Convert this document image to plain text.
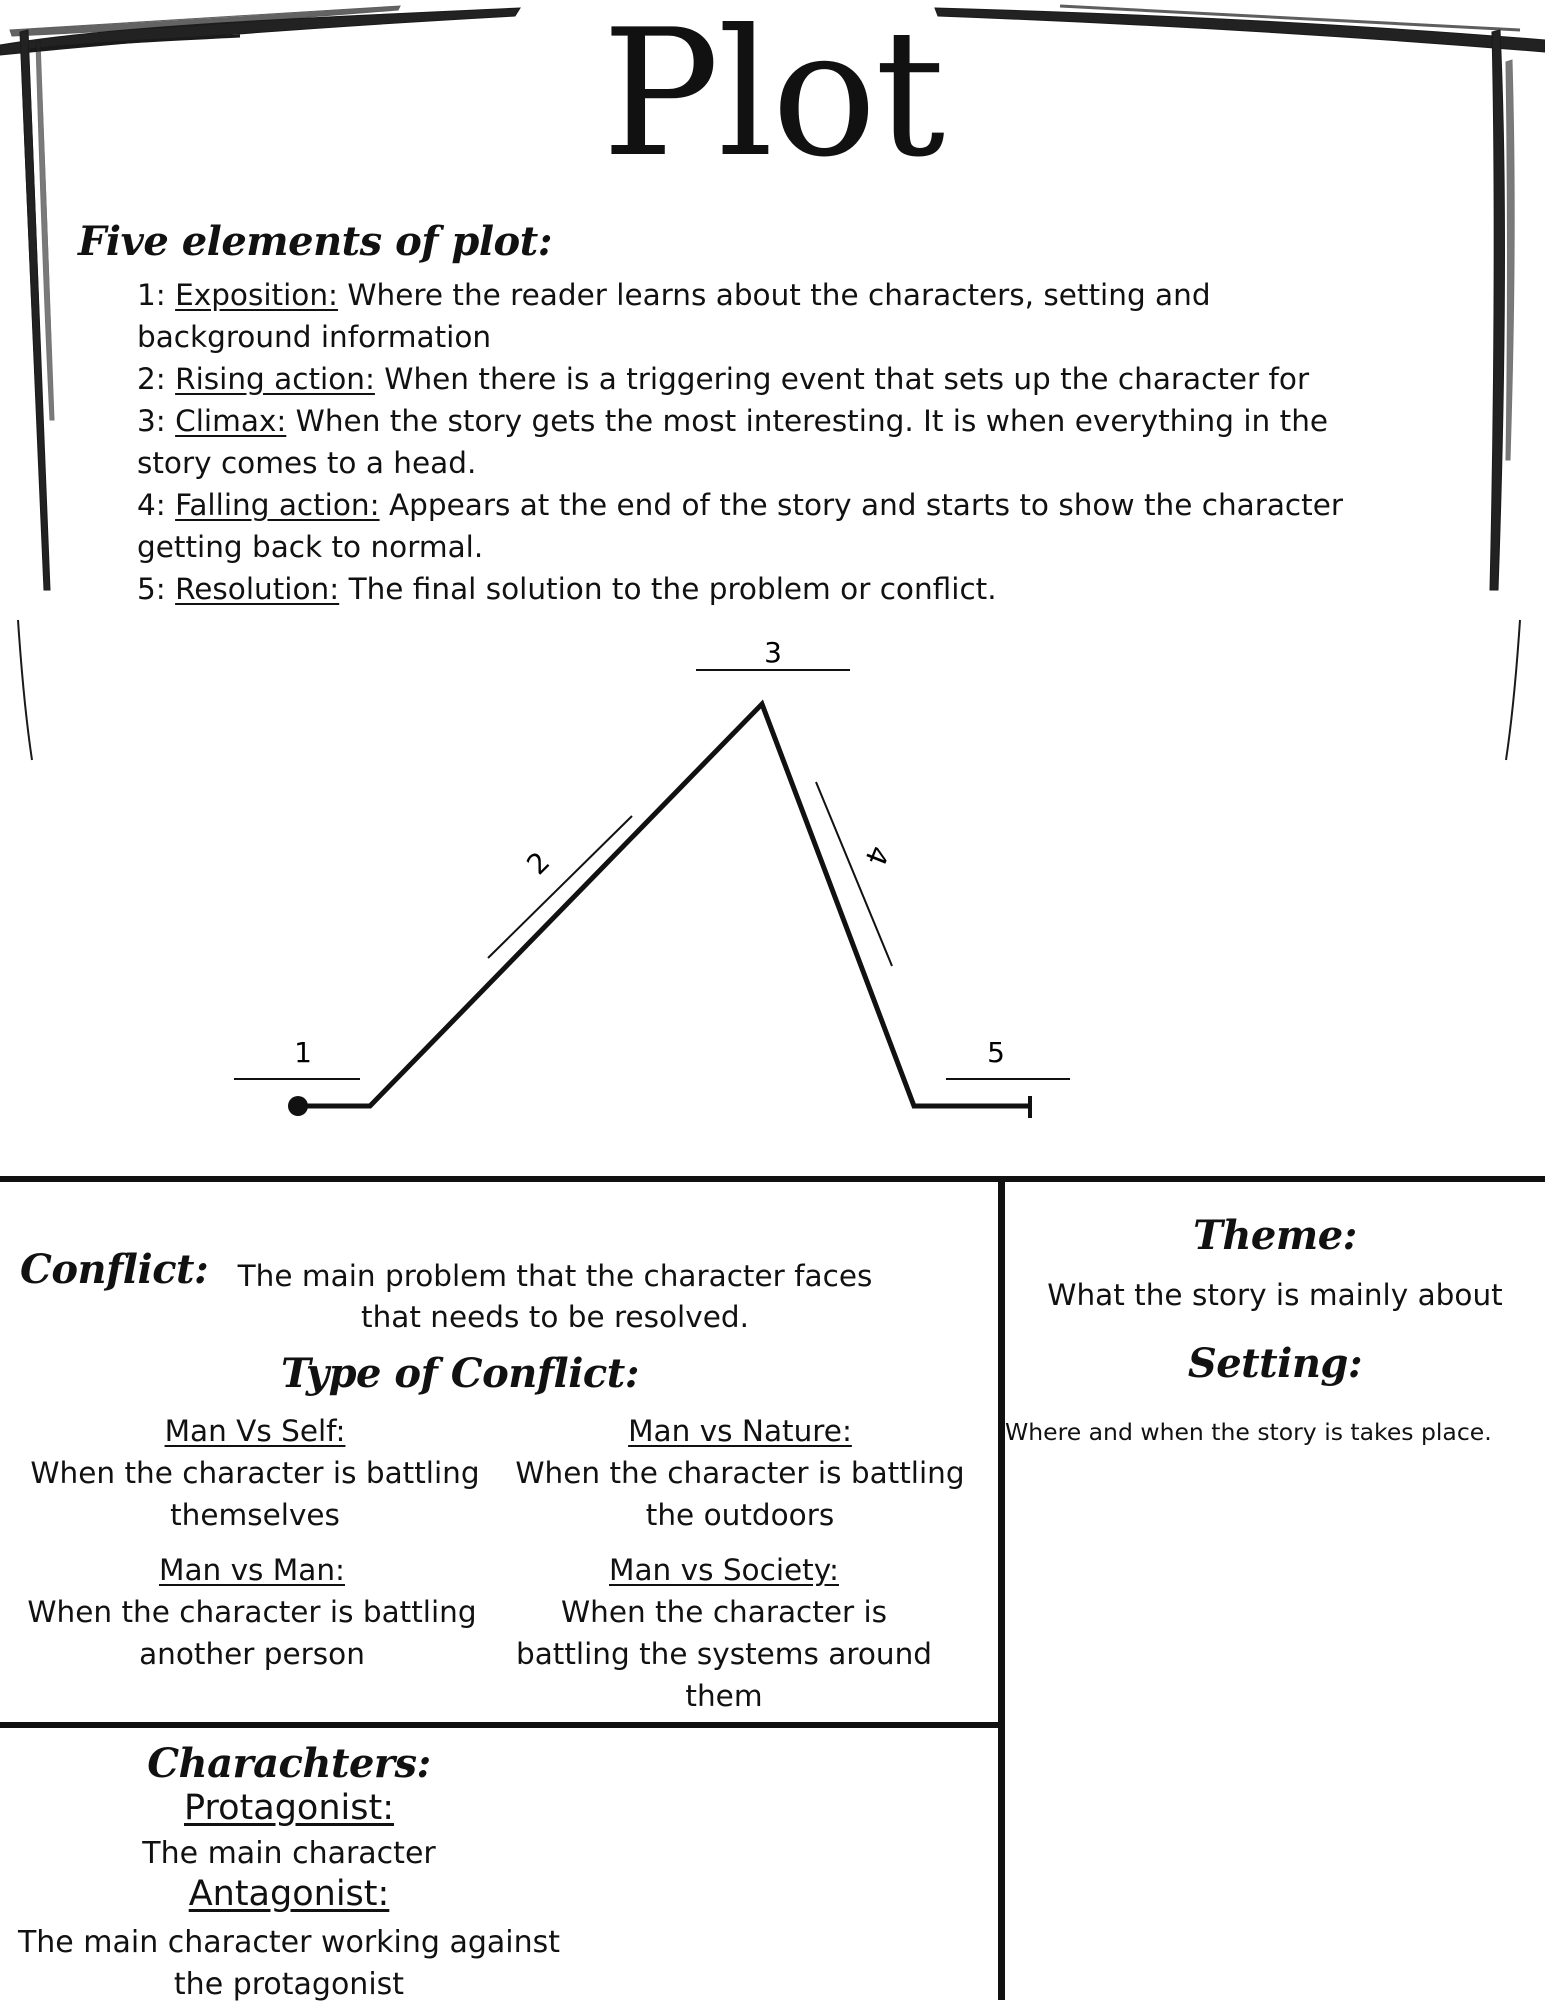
Plot
Five elements of plot:
1: Exposition: Where the reader learns about the characters, setting and background information
2: Rising action: When there is a triggering event that sets up the character for
3: Climax: When the story gets the most interesting. It is when everything in the story comes to a head.
4: Falling action: Appears at the end of the story and starts to show the character getting back to normal.
5: Resolution: The final solution to the problem or conflict.
3
1	5
2	4
Conflict: The main problem that the character faces
that needs to be resolved.
Type of Conflict:
Man Vs Self:
When the character is battling
themselves
Man vs Nature:
When the character is battling
the outdoors
Man vs Man:
When the character is battling
another person
Man vs Society:
When the character is
battling the systems around
them
Theme:
What the story is mainly about
Setting:
Where and when the story is takes place.
Charachters:
Protagonist:
The main character
Antagonist:
The main character working against
the protagonist
